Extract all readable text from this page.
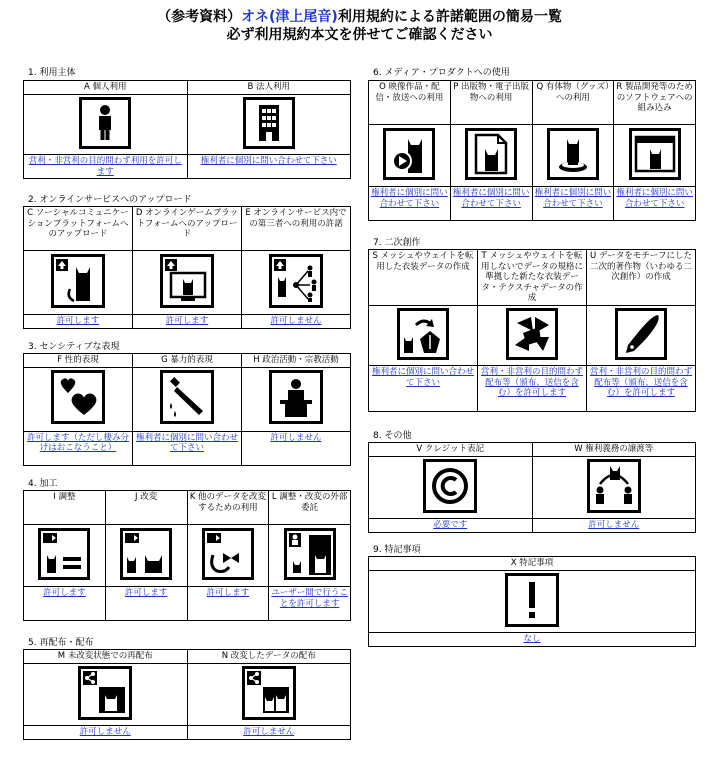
（参考資料）オネ(津上尾音)利用規約による許諾範囲の簡易一覧
必ず利用規約本文を併せてご確認ください
1. 利用主体
A 個人利用	B 法人利用

営利・非営利の目的問わず利用を許可します	権利者に個別に問い合わせて下さい
2. オンラインサービスへのアップロード
C ソーシャルコミュニケーションプラットフォームへのアップロード	D オンラインゲームプラットフォームへのアップロード	E オンラインサービス内での第三者への利用の許諾

許可します	許可します	許可しません
3. センシティブな表現
F 性的表現	G 暴力的表現	H 政治活動・宗教活動

許可します（ただし棲み分けはおこなうこと）	権利者に個別に問い合わせて下さい	許可しません
4. 加工
I 調整	J 改変	K 他のデータを改変するための利用	L 調整・改変の外部委託

許可します	許可します	許可します	ユーザー間で行うことを許可します
5. 再配布・配布
M 未改変状態での再配布	N 改変したデータの配布

許可しません	許可しません
6. メディア・プロダクトへの使用
O 映像作品・配信・放送への利用	P 出版物・電子出版物への利用	Q 有体物（グッズ）への利用	R 製品開発等のためのソフトウェアへの組み込み

権利者に個別に問い合わせて下さい	権利者に個別に問い合わせて下さい	権利者に個別に問い合わせて下さい	権利者に個別に問い合わせて下さい
7. 二次創作
S メッシュやウェイトを転用した衣装データの作成	T メッシュやウェイトを転用しないでデータの規格に準拠した新たな衣装データ・テクスチャデータの作成	U データをモチーフにした二次的著作物（いわゆる二次創作）の作成

権利者に個別に問い合わせて下さい	営利・非営利の目的問わず配布等（頒布、送信を含む）を許可します	営利・非営利の目的問わず配布等（頒布、送信を含む）を許可します
8. その他
V クレジット表記	W 権利義務の譲渡等

必要です	許可しません
9. 特記事項
X 特記事項

なし
